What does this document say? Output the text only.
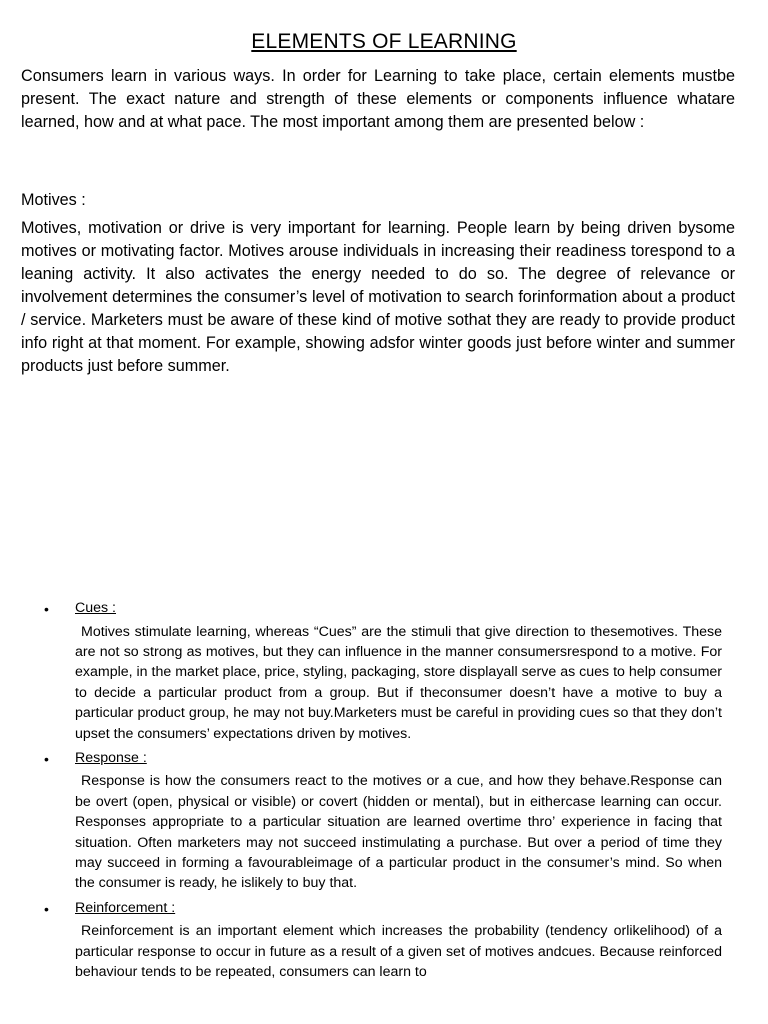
ELEMENTS OF LEARNING
Consumers learn in various ways. In order for Learning to take place, certain elements mustbe present. The exact nature and strength of these elements or components influence whatare learned, how and at what pace. The most important among them are presented below :
Motives :
Motives, motivation or drive is very important for learning. People learn by being driven bysome motives or motivating factor. Motives arouse individuals in increasing their readiness torespond to a leaning activity. It also activates the energy needed to do so. The degree of relevance or involvement determines the consumer’s level of motivation to search forinformation about a product / service. Marketers must be aware of these kind of motive sothat they are ready to provide product info right at that moment. For example, showing adsfor winter goods just before winter and summer products just before summer.
• Cues :
Motives stimulate learning, whereas “Cues” are the stimuli that give direction to thesemotives. These are not so strong as motives, but they can influence in the manner consumersrespond to a motive. For example, in the market place, price, styling, packaging, store displayall serve as cues to help consumer to decide a particular product from a group. But if theconsumer doesn’t have a motive to buy a particular product group, he may not buy.Marketers must be careful in providing cues so that they don’t upset the consumers’ expectations driven by motives.
• Response :
Response is how the consumers react to the motives or a cue, and how they behave.Response can be overt (open, physical or visible) or covert (hidden or mental), but in eithercase learning can occur. Responses appropriate to a particular situation are learned overtime thro’ experience in facing that situation. Often marketers may not succeed instimulating a purchase. But over a period of time they may succeed in forming a favourableimage of a particular product in the consumer’s mind. So when the consumer is ready, he islikely to buy that.
• Reinforcement :
Reinforcement is an important element which increases the probability (tendency orlikelihood) of a particular response to occur in future as a result of a given set of motives andcues. Because reinforced behaviour tends to be repeated, consumers can learn to
